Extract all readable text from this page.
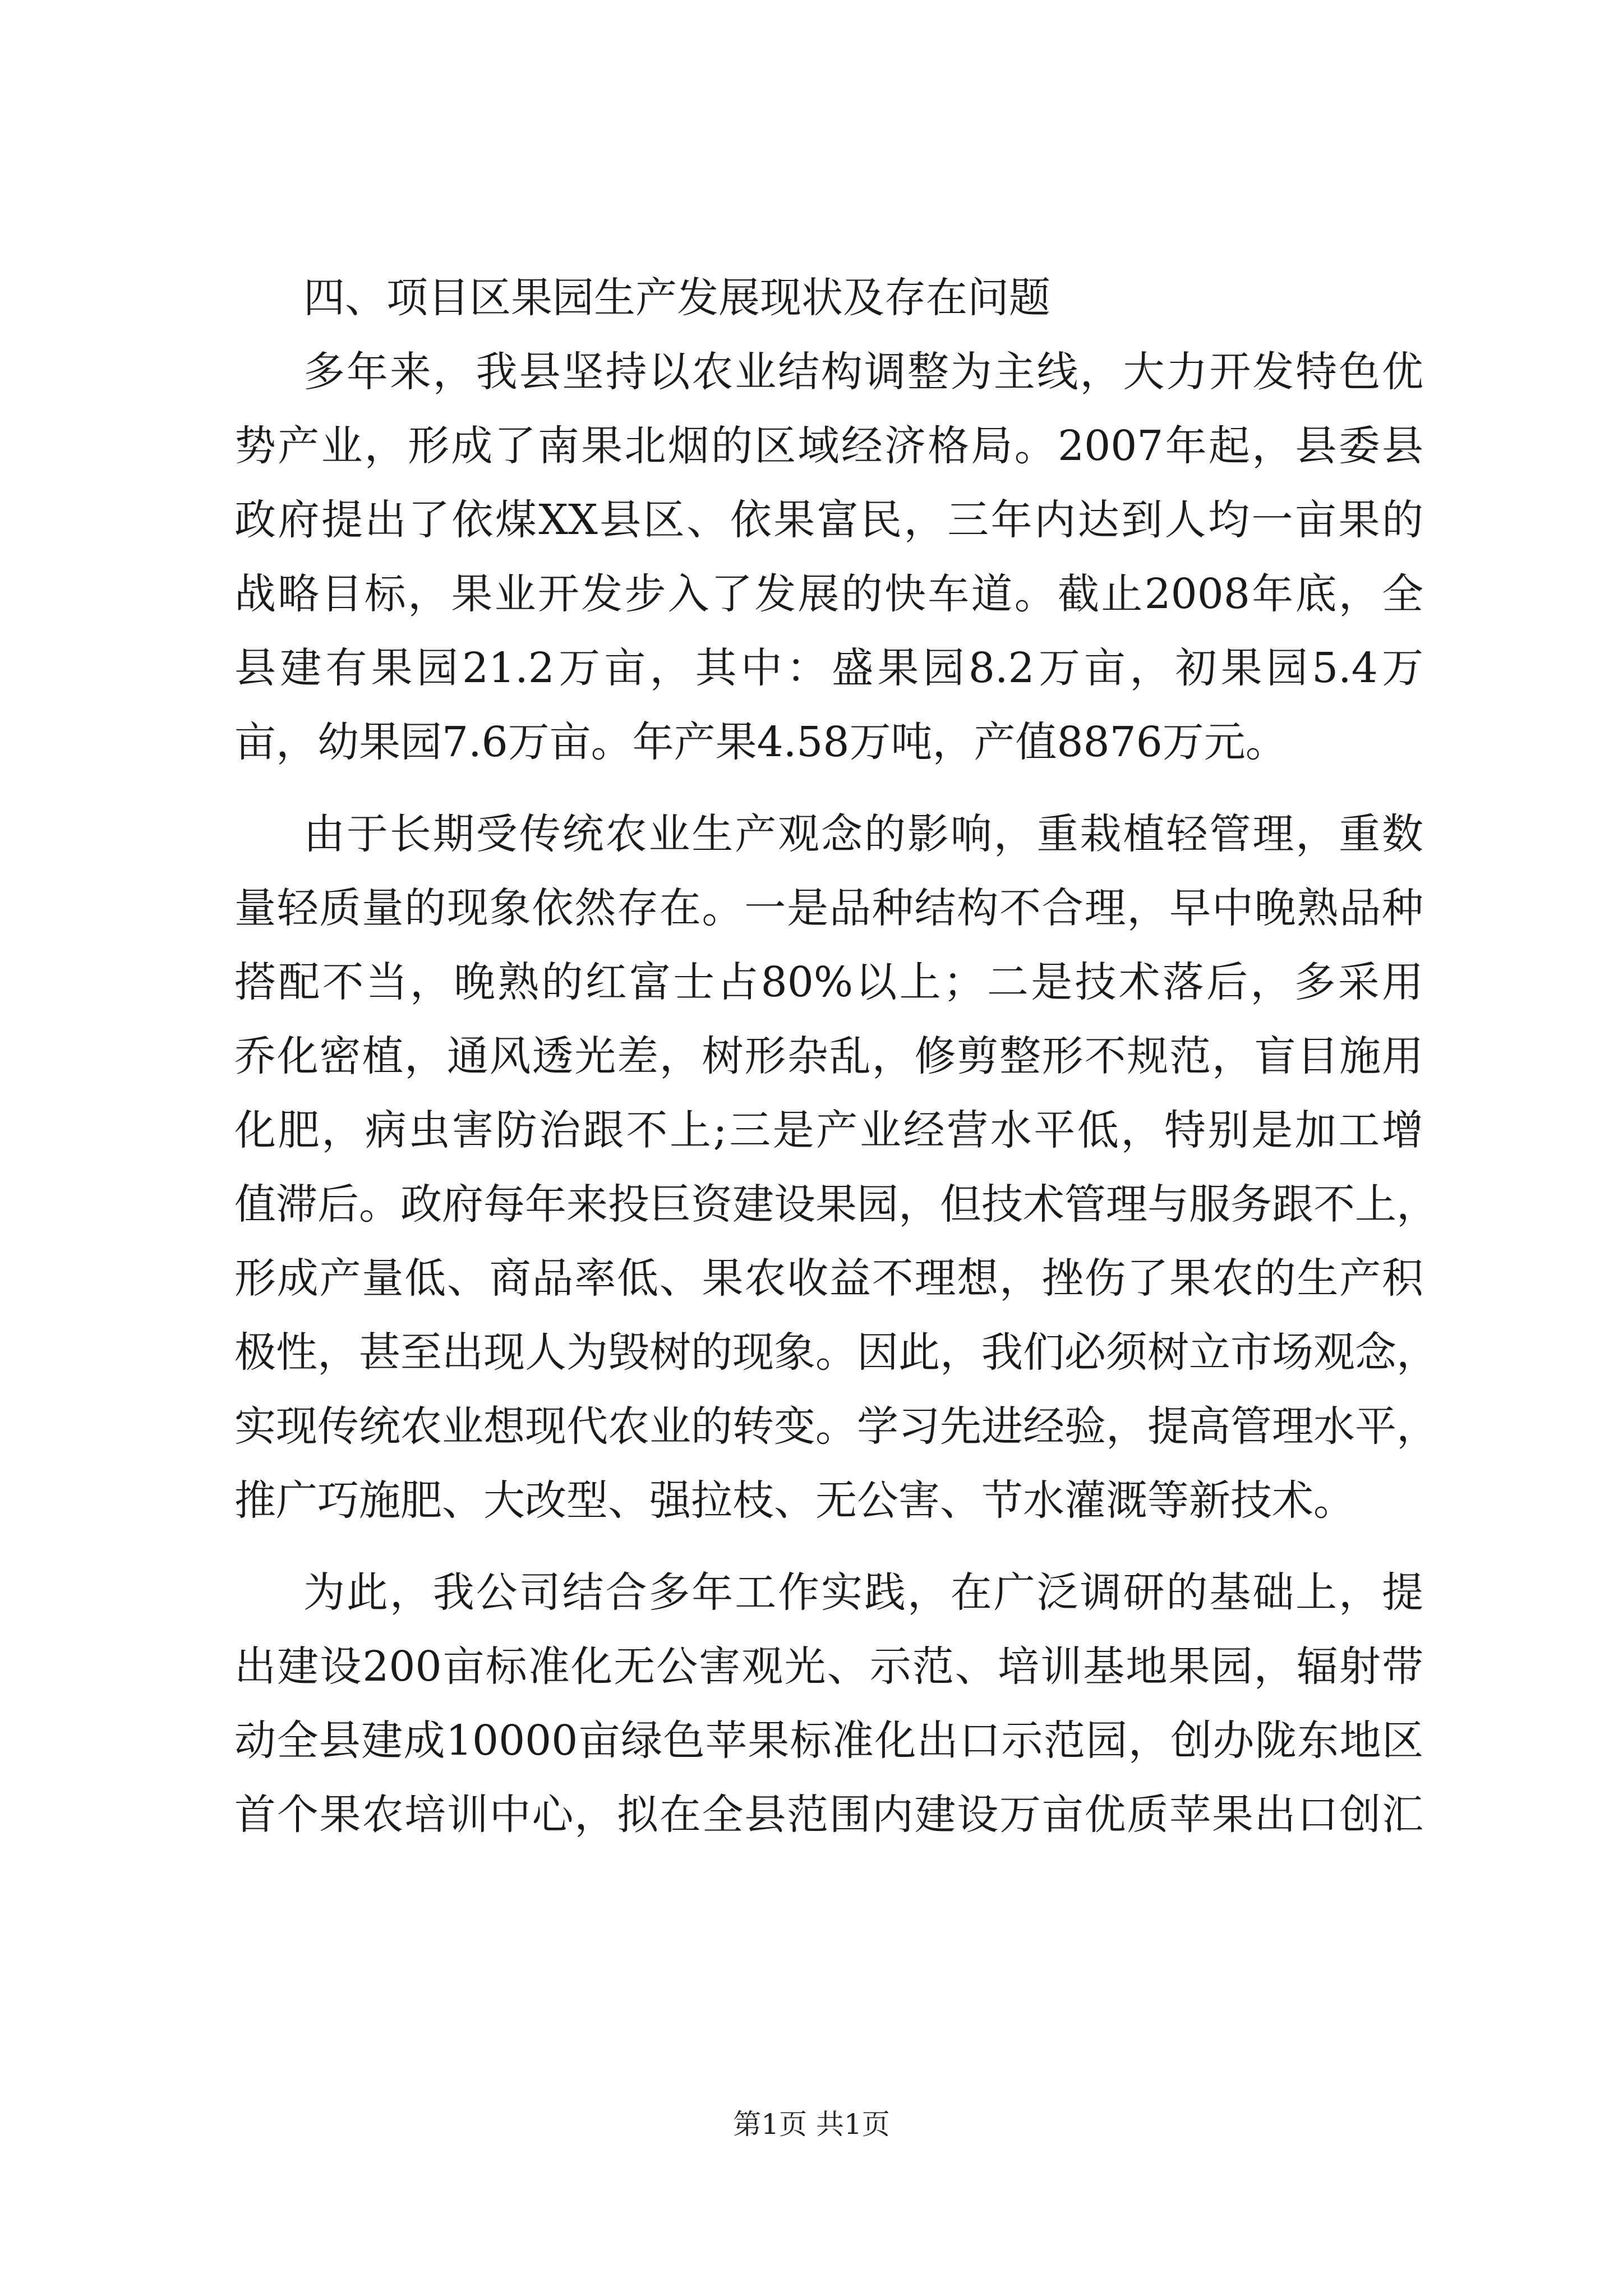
四、项目区果园生产发展现状及存在问题
多年来，我县坚持以农业结构调整为主线，大力开发特色优
势产业，形成了南果北烟的区域经济格局。2007年起，县委县
政府提出了依煤XX县区、依果富民，三年内达到人均一亩果的
战略目标，果业开发步入了发展的快车道。截止2008年底，全
县建有果园21.2万亩，其中：盛果园8.2万亩，初果园5.4万
亩，幼果园7.6万亩。年产果4.58万吨，产值8876万元。
由于长期受传统农业生产观念的影响，重栽植轻管理，重数
量轻质量的现象依然存在。一是品种结构不合理，早中晚熟品种
搭配不当，晚熟的红富士占80%以上；二是技术落后，多采用
乔化密植，通风透光差，树形杂乱，修剪整形不规范，盲目施用
化肥，病虫害防治跟不上;三是产业经营水平低，特别是加工增
值滞后。政府每年来投巨资建设果园，但技术管理与服务跟不上，
形成产量低、商品率低、果农收益不理想，挫伤了果农的生产积
极性，甚至出现人为毁树的现象。因此，我们必须树立市场观念，
实现传统农业想现代农业的转变。学习先进经验，提高管理水平，
推广巧施肥、大改型、强拉枝、无公害、节水灌溉等新技术。
为此，我公司结合多年工作实践，在广泛调研的基础上，提
出建设200亩标准化无公害观光、示范、培训基地果园，辐射带
动全县建成10000亩绿色苹果标准化出口示范园，创办陇东地区
首个果农培训中心，拟在全县范围内建设万亩优质苹果出口创汇
第1页 共1页
